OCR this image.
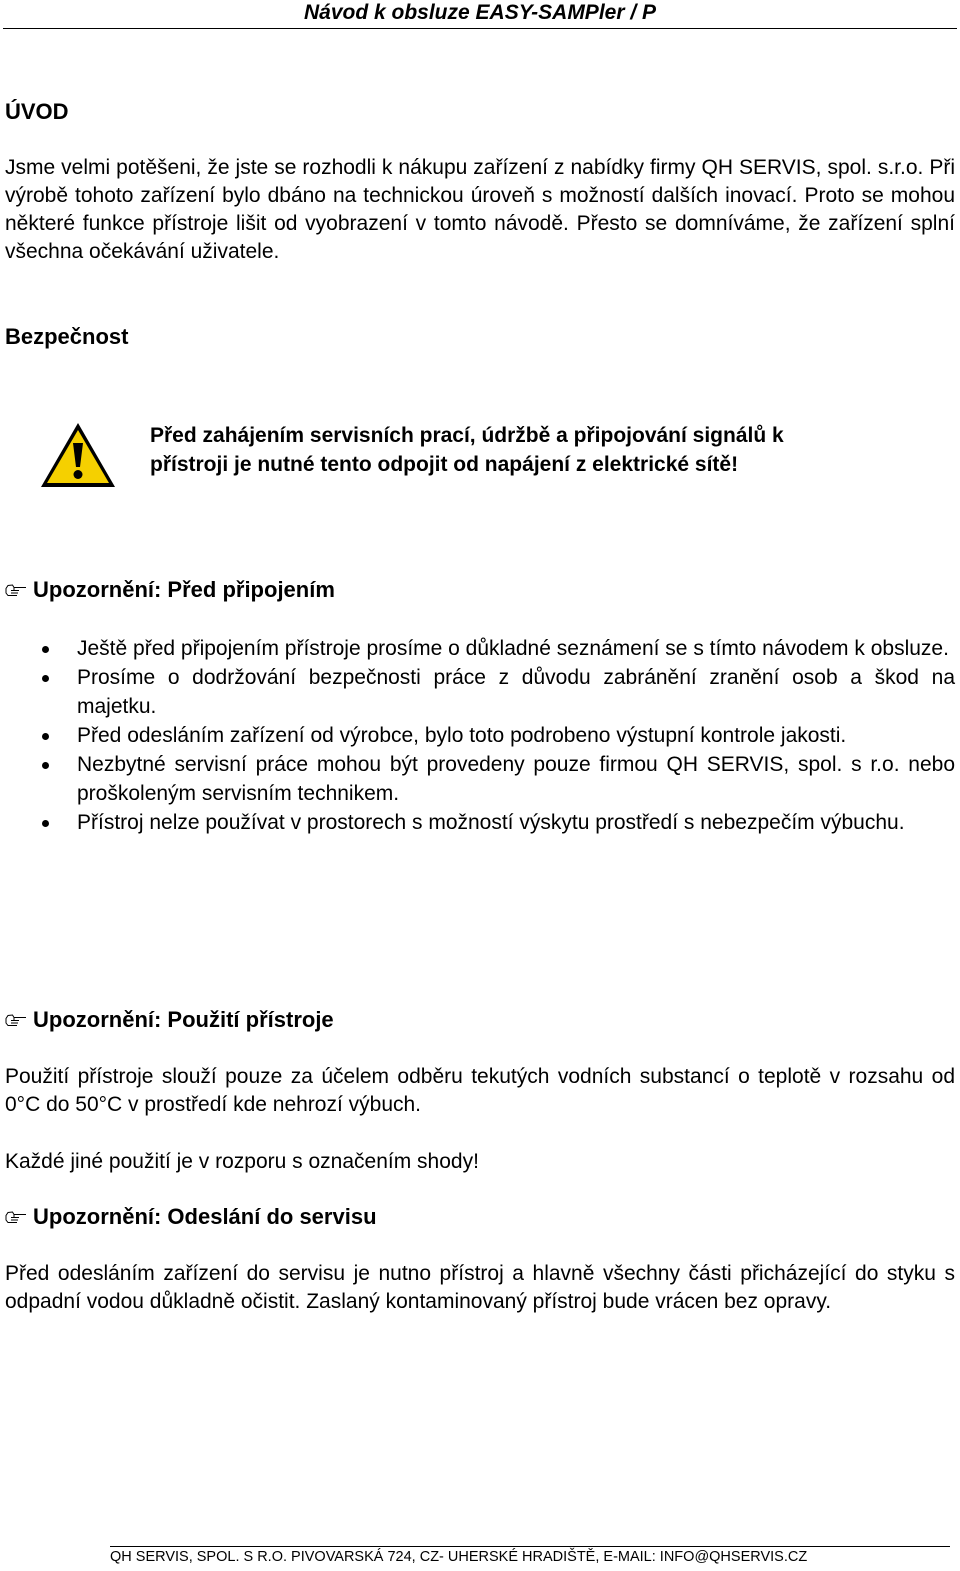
Návod k obsluze EASY-SAMPler / P
ÚVOD
Jsme velmi potěšeni, že jste se rozhodli k nákupu zařízení z nabídky firmy QH SERVIS, spol. s.r.o. Při výrobě tohoto zařízení bylo dbáno na technickou úroveň s možností dalších inovací. Proto se mohou některé funkce přístroje lišit od vyobrazení v tomto návodě. Přesto se domníváme, že zařízení splní všechna očekávání uživatele.
Bezpečnost
Před zahájením servisních prací, údržbě a připojování signálů k přístroji je nutné tento odpojit od napájení z elektrické sítě!
Upozornění: Před připojením
Ještě před připojením přístroje prosíme o důkladné seznámení se s tímto návodem k obsluze.
Prosíme o dodržování bezpečnosti práce z důvodu zabránění zranění osob a škod na majetku.
Před odesláním zařízení od výrobce, bylo toto podrobeno výstupní kontrole jakosti.
Nezbytné servisní práce mohou být provedeny pouze firmou QH SERVIS, spol. s r.o. nebo proškoleným servisním technikem.
Přístroj nelze používat v prostorech s možností výskytu prostředí s nebezpečím výbuchu.
Upozornění: Použití přístroje
Použití přístroje slouží pouze za účelem odběru tekutých vodních substancí o teplotě v rozsahu od 0°C do 50°C v prostředí kde nehrozí výbuch.
Každé jiné použití je v rozporu s označením shody!
Upozornění: Odeslání do servisu
Před odesláním zařízení do servisu je nutno přístroj a hlavně všechny části přicházející do styku s odpadní vodou důkladně očistit. Zaslaný kontaminovaný přístroj bude vrácen bez opravy.
QH SERVIS, SPOL. S R.O. PIVOVARSKÁ 724, CZ- UHERSKÉ HRADIŠTĚ, E-MAIL: INFO@QHSERVIS.CZ
